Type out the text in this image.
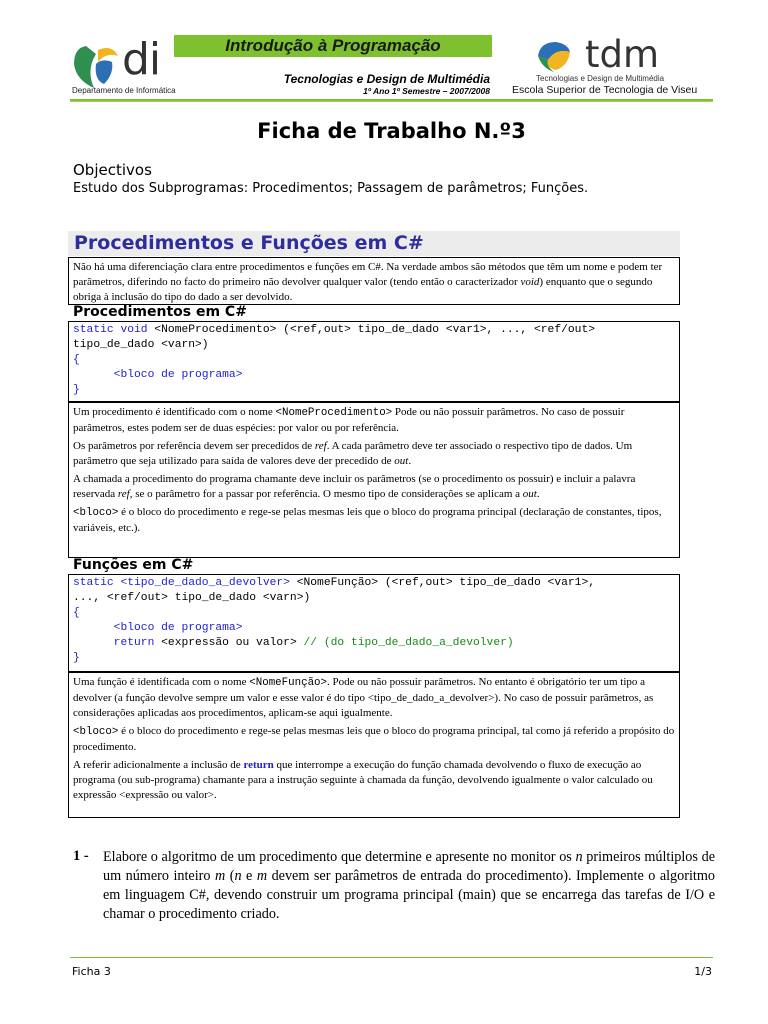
di
Departamento de Informática
Introdução à Programação
Tecnologias e Design de Multimédia
1º Ano 1º Semestre – 2007/2008
tdm
Tecnologias e Design de Multimédia
Escola Superior de Tecnologia de Viseu
Ficha de Trabalho N.º3
Objectivos
Estudo dos Subprogramas: Procedimentos; Passagem de parâmetros; Funções.
Procedimentos e Funções em C#

Não há uma diferenciação clara entre procedimentos e funções em C#. Na verdade ambos são métodos que têm um nome e podem ter parâmetros, diferindo no facto do primeiro não devolver qualquer valor (tendo então o caracterizador void) enquanto que o segundo obriga à inclusão do tipo do dado a ser devolvido.

Procedimentos em C#
static void <NomeProcedimento> (<ref,out> tipo_de_dado <var1>, ..., <ref/out>
tipo_de_dado <varn>)
{
<bloco de programa>
}

Um procedimento é identificado com o nome <NomeProcedimento> Pode ou não possuir parâmetros. No caso de possuir parâmetros, estes podem ser de duas espécies: por valor ou por referência.

Os parâmetros por referência devem ser precedidos de ref. A cada parâmetro deve ter associado o respectivo tipo de dados. Um parâmetro que seja utilizado para saída de valores deve der precedido de out.

A chamada a procedimento do programa chamante deve incluir os parâmetros (se o procedimento os possuir) e incluir a palavra reservada ref, se o parâmetro for a passar por referência. O mesmo tipo de considerações se aplicam a out.

<bloco> é o bloco do procedimento e rege-se pelas mesmas leis que o bloco do programa principal (declaração de constantes, tipos, variáveis, etc.).

Funções em C#
static <tipo_de_dado_a_devolver> <NomeFunção> (<ref,out> tipo_de_dado <var1>,
..., <ref/out> tipo_de_dado <varn>)
{
<bloco de programa>
return <expressão ou valor> // (do tipo_de_dado_a_devolver)
}

Uma função é identificada com o nome <NomeFunção>. Pode ou não possuir parâmetros. No entanto é obrigatório ter um tipo a devolver (a função devolve sempre um valor e esse valor é do tipo <tipo_de_dado_a_devolver>). No caso de possuir parâmetros, as considerações aplicadas aos procedimentos, aplicam-se aqui igualmente.

<bloco> é o bloco do procedimento e rege-se pelas mesmas leis que o bloco do programa principal, tal como já referido a propósito do procedimento.

A referir adicionalmente a inclusão de return que interrompe a execução do função chamada devolvendo o fluxo de execução ao programa (ou sub-programa) chamante para a instrução seguinte à chamada da função, devolvendo igualmente o valor calculado ou expressão <expressão ou valor>.

1 - Elabore o algoritmo de um procedimento que determine e apresente no monitor os n primeiros múltiplos de um número inteiro m (n e m devem ser parâmetros de entrada do procedimento). Implemente o algoritmo em linguagem C#, devendo construir um programa principal (main) que se encarrega das tarefas de I/O e chamar o procedimento criado.
Ficha 3	1/3
